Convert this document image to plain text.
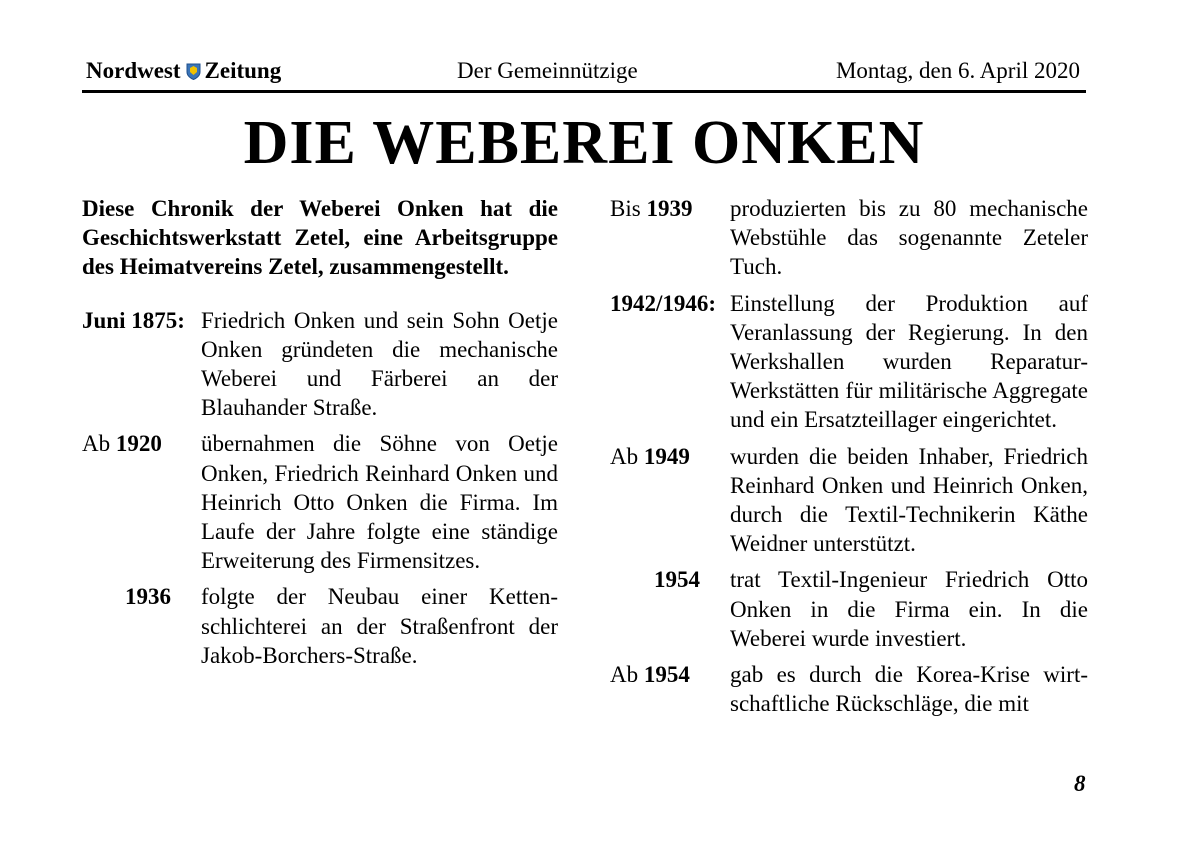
Nordwest Zeitung	Der Gemeinnützige	Montag, den 6. April 2020
DIE WEBEREI ONKEN

Diese Chronik der Weberei Onken hat die Geschichtswerkstatt Zetel, eine Arbeitsgruppe des Heimatvereins Zetel, zusammengestellt.

Juni 1875: Friedrich Onken und sein Sohn Oetje Onken gründeten die mechanische Weberei und Färberei an der Blauhander Straße.
Ab 1920	übernahmen die Söhne von Oetje Onken, Friedrich Reinhard Onken und Heinrich Otto Onken die Firma. Im Laufe der Jahre folgte eine ständige Erweiterung des Firmensitzes.
1936	folgte der Neubau einer Kettenschlichterei an der Straßenfront der Jakob-Borchers-Straße.
Bis 1939	produzierten bis zu 80 mechanische Webstühle das sogenannte Zeteler Tuch.
1942/1946: Einstellung der Produktion auf Veranlassung der Regierung. In den Werkshallen wurden Reparatur-Werkstätten für militärische Aggregate und ein Ersatzteillager eingerichtet.
Ab 1949	wurden die beiden Inhaber, Friedrich Reinhard Onken und Heinrich Onken, durch die Textil-Technikerin Käthe Weidner unterstützt.
1954	trat Textil-Ingenieur Friedrich Otto Onken in die Firma ein. In die Weberei wurde investiert.
Ab 1954	gab es durch die Korea-Krise wirtschaftliche Rückschläge, die mit
8
